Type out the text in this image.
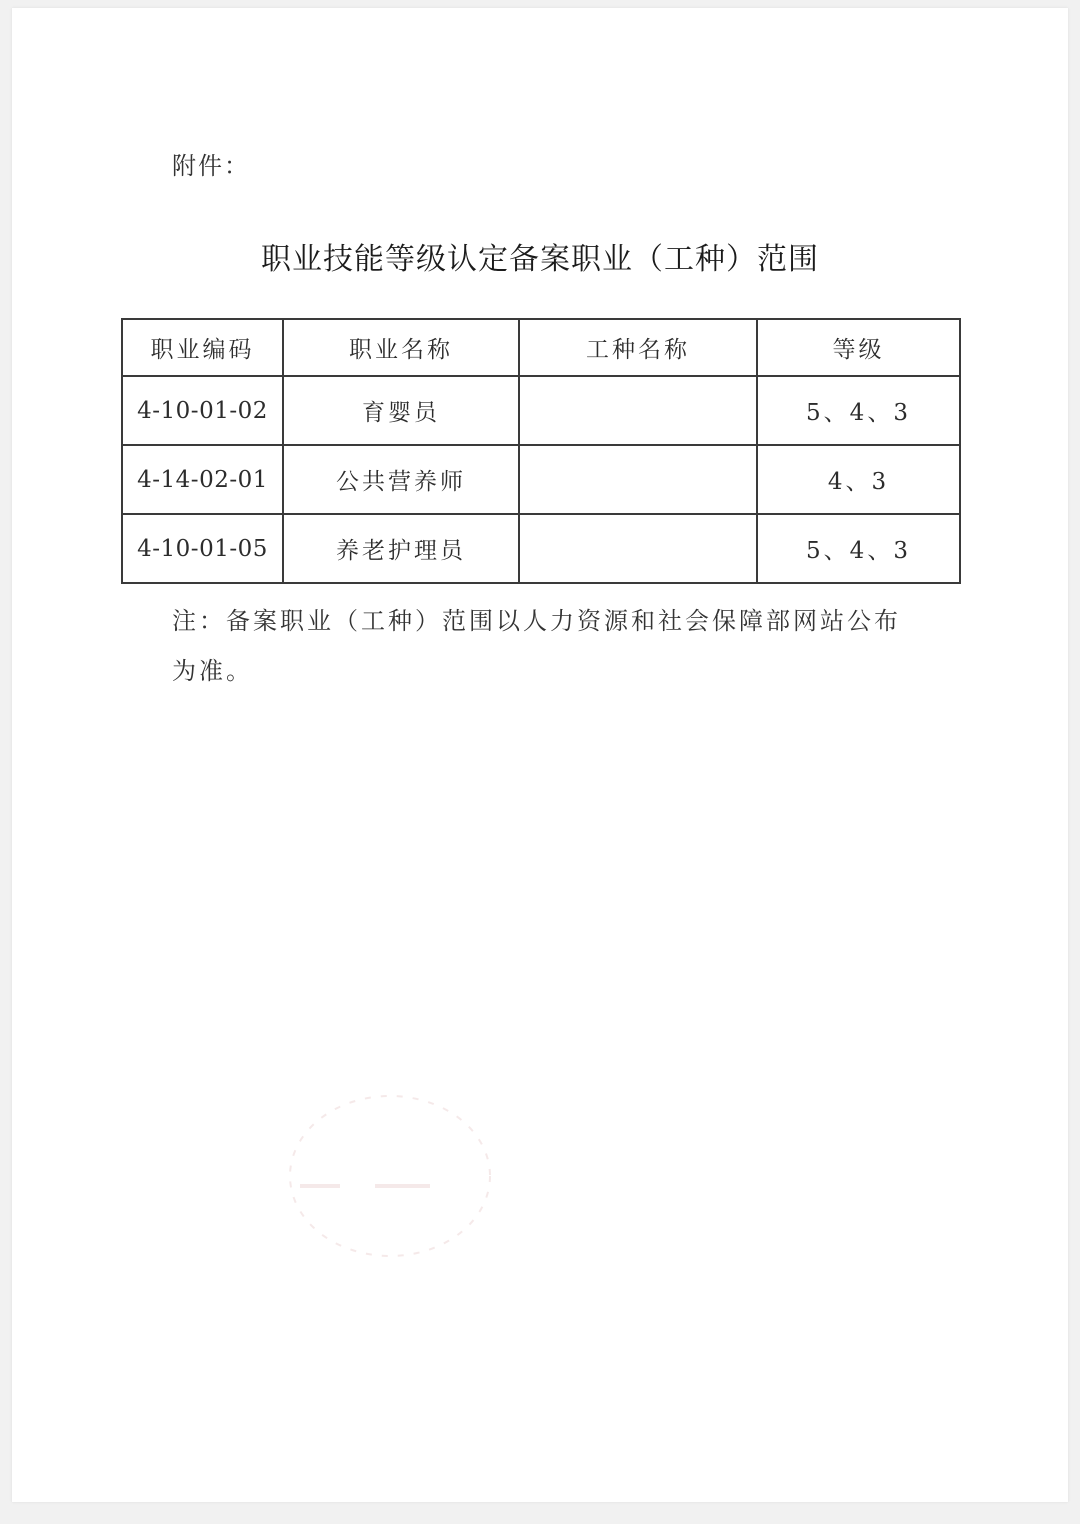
附件：
职业技能等级认定备案职业（工种）范围
职业编码	职业名称	工种名称	等级
4-10-01-02	育婴员		5、4、3
4-14-02-01	公共营养师		4、3
4-10-01-05	养老护理员		5、4、3
注：备案职业（工种）范围以人力资源和社会保障部网站公布为准。
